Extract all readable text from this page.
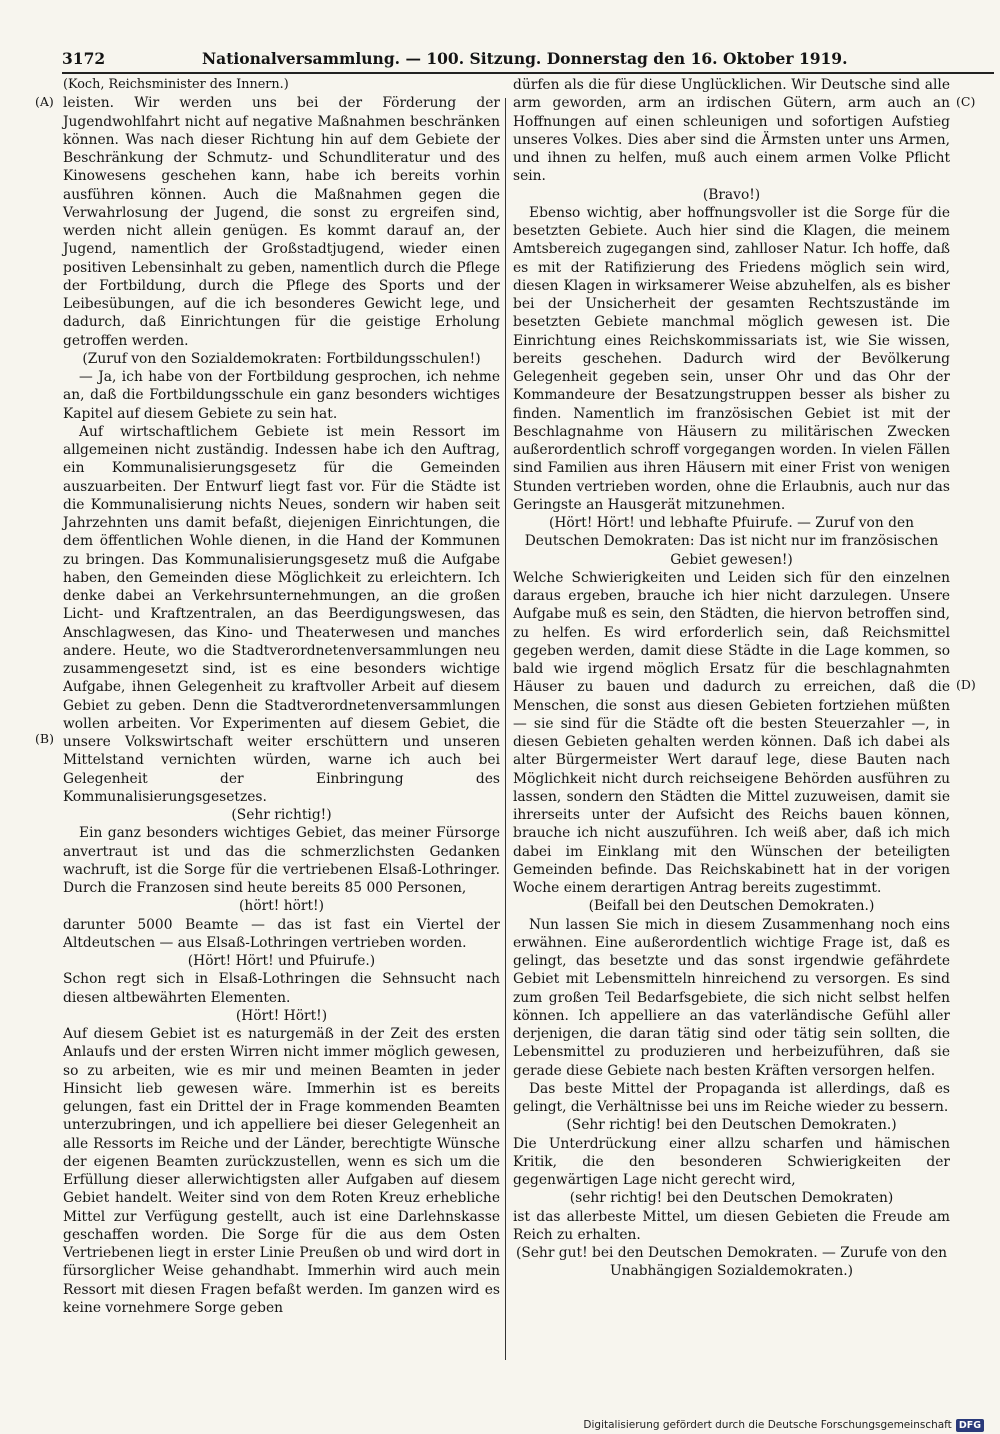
3172	Nationalversammlung. — 100. Sitzung. Donnerstag den 16. Oktober 1919.
(A)
(B)
(C)
(D)

(Koch, Reichsminister des Innern.)

leisten. Wir werden uns bei der Förderung der Jugendwohlfahrt nicht auf negative Maßnahmen beschränken können. Was nach dieser Richtung hin auf dem Gebiete der Beschränkung der Schmutz- und Schundliteratur und des Kinowesens geschehen kann, habe ich bereits vorhin ausführen können. Auch die Maßnahmen gegen die Verwahrlosung der Jugend, die sonst zu ergreifen sind, werden nicht allein genügen. Es kommt darauf an, der Jugend, namentlich der Großstadtjugend, wieder einen positiven Lebensinhalt zu geben, namentlich durch die Pflege der Fortbildung, durch die Pflege des Sports und der Leibesübungen, auf die ich besonderes Gewicht lege, und dadurch, daß Einrichtungen für die geistige Erholung getroffen werden.

(Zuruf von den Sozialdemokraten: Fortbildungsschulen!)

— Ja, ich habe von der Fortbildung gesprochen, ich nehme an, daß die Fortbildungsschule ein ganz besonders wichtiges Kapitel auf diesem Gebiete zu sein hat.

Auf wirtschaftlichem Gebiete ist mein Ressort im allgemeinen nicht zuständig. Indessen habe ich den Auftrag, ein Kommunalisierungsgesetz für die Gemeinden auszuarbeiten. Der Entwurf liegt fast vor. Für die Städte ist die Kommunalisierung nichts Neues, sondern wir haben seit Jahrzehnten uns damit befaßt, diejenigen Einrichtungen, die dem öffentlichen Wohle dienen, in die Hand der Kommunen zu bringen. Das Kommunalisierungsgesetz muß die Aufgabe haben, den Gemeinden diese Möglichkeit zu erleichtern. Ich denke dabei an Verkehrsunternehmungen, an die großen Licht- und Kraftzentralen, an das Beerdigungswesen, das Anschlagwesen, das Kino- und Theaterwesen und manches andere. Heute, wo die Stadtverordnetenversammlungen neu zusammengesetzt sind, ist es eine besonders wichtige Aufgabe, ihnen Gelegenheit zu kraftvoller Arbeit auf diesem Gebiet zu geben. Denn die Stadtverordnetenversammlungen wollen arbeiten. Vor Experimenten auf diesem Gebiet, die unsere Volkswirtschaft weiter erschüttern und unseren Mittelstand vernichten würden, warne ich auch bei Gelegenheit der Einbringung des Kommunalisierungsgesetzes.

(Sehr richtig!)

Ein ganz besonders wichtiges Gebiet, das meiner Fürsorge anvertraut ist und das die schmerzlichsten Gedanken wachruft, ist die Sorge für die vertriebenen Elsaß-Lothringer. Durch die Franzosen sind heute bereits 85 000 Personen,

(hört! hört!)

darunter 5000 Beamte — das ist fast ein Viertel der Altdeutschen — aus Elsaß-Lothringen vertrieben worden.

(Hört! Hört! und Pfuirufe.)

Schon regt sich in Elsaß-Lothringen die Sehnsucht nach diesen altbewährten Elementen.

(Hört! Hört!)

Auf diesem Gebiet ist es naturgemäß in der Zeit des ersten Anlaufs und der ersten Wirren nicht immer möglich gewesen, so zu arbeiten, wie es mir und meinen Beamten in jeder Hinsicht lieb gewesen wäre. Immerhin ist es bereits gelungen, fast ein Drittel der in Frage kommenden Beamten unterzubringen, und ich appelliere bei dieser Gelegenheit an alle Ressorts im Reiche und der Länder, berechtigte Wünsche der eigenen Beamten zurückzustellen, wenn es sich um die Erfüllung dieser allerwichtigsten aller Aufgaben auf diesem Gebiet handelt. Weiter sind von dem Roten Kreuz erhebliche Mittel zur Verfügung gestellt, auch ist eine Darlehnskasse geschaffen worden. Die Sorge für die aus dem Osten Vertriebenen liegt in erster Linie Preußen ob und wird dort in fürsorglicher Weise gehandhabt. Immerhin wird auch mein Ressort mit diesen Fragen befaßt werden. Im ganzen wird es keine vornehmere Sorge geben

dürfen als die für diese Unglücklichen. Wir Deutsche sind alle arm geworden, arm an irdischen Gütern, arm auch an Hoffnungen auf einen schleunigen und sofortigen Aufstieg unseres Volkes. Dies aber sind die Ärmsten unter uns Armen, und ihnen zu helfen, muß auch einem armen Volke Pflicht sein.

(Bravo!)

Ebenso wichtig, aber hoffnungsvoller ist die Sorge für die besetzten Gebiete. Auch hier sind die Klagen, die meinem Amtsbereich zugegangen sind, zahlloser Natur. Ich hoffe, daß es mit der Ratifizierung des Friedens möglich sein wird, diesen Klagen in wirksamerer Weise abzuhelfen, als es bisher bei der Unsicherheit der gesamten Rechtszustände im besetzten Gebiete manchmal möglich gewesen ist. Die Einrichtung eines Reichskommissariats ist, wie Sie wissen, bereits geschehen. Dadurch wird der Bevölkerung Gelegenheit gegeben sein, unser Ohr und das Ohr der Kommandeure der Besatzungstruppen besser als bisher zu finden. Namentlich im französischen Gebiet ist mit der Beschlagnahme von Häusern zu militärischen Zwecken außerordentlich schroff vorgegangen worden. In vielen Fällen sind Familien aus ihren Häusern mit einer Frist von wenigen Stunden vertrieben worden, ohne die Erlaubnis, auch nur das Geringste an Hausgerät mitzunehmen.

(Hört! Hört! und lebhafte Pfuirufe. — Zuruf von den Deutschen Demokraten: Das ist nicht nur im französischen Gebiet gewesen!)

Welche Schwierigkeiten und Leiden sich für den einzelnen daraus ergeben, brauche ich hier nicht darzulegen. Unsere Aufgabe muß es sein, den Städten, die hiervon betroffen sind, zu helfen. Es wird erforderlich sein, daß Reichsmittel gegeben werden, damit diese Städte in die Lage kommen, so bald wie irgend möglich Ersatz für die beschlagnahmten Häuser zu bauen und dadurch zu erreichen, daß die Menschen, die sonst aus diesen Gebieten fortziehen müßten — sie sind für die Städte oft die besten Steuerzahler —, in diesen Gebieten gehalten werden können. Daß ich dabei als alter Bürgermeister Wert darauf lege, diese Bauten nach Möglichkeit nicht durch reichseigene Behörden ausführen zu lassen, sondern den Städten die Mittel zuzuweisen, damit sie ihrerseits unter der Aufsicht des Reichs bauen können, brauche ich nicht auszuführen. Ich weiß aber, daß ich mich dabei im Einklang mit den Wünschen der beteiligten Gemeinden befinde. Das Reichskabinett hat in der vorigen Woche einem derartigen Antrag bereits zugestimmt.

(Beifall bei den Deutschen Demokraten.)

Nun lassen Sie mich in diesem Zusammenhang noch eins erwähnen. Eine außerordentlich wichtige Frage ist, daß es gelingt, das besetzte und das sonst irgendwie gefährdete Gebiet mit Lebensmitteln hinreichend zu versorgen. Es sind zum großen Teil Bedarfsgebiete, die sich nicht selbst helfen können. Ich appelliere an das vaterländische Gefühl aller derjenigen, die daran tätig sind oder tätig sein sollten, die Lebensmittel zu produzieren und herbeizuführen, daß sie gerade diese Gebiete nach besten Kräften versorgen helfen.

Das beste Mittel der Propaganda ist allerdings, daß es gelingt, die Verhältnisse bei uns im Reiche wieder zu bessern.

(Sehr richtig! bei den Deutschen Demokraten.)

Die Unterdrückung einer allzu scharfen und hämischen Kritik, die den besonderen Schwierigkeiten der gegenwärtigen Lage nicht gerecht wird,

(sehr richtig! bei den Deutschen Demokraten)

ist das allerbeste Mittel, um diesen Gebieten die Freude am Reich zu erhalten.

(Sehr gut! bei den Deutschen Demokraten. — Zurufe von den Unabhängigen Sozialdemokraten.)

Digitalisierung gefördert durch die Deutsche Forschungsgemeinschaft DFG
